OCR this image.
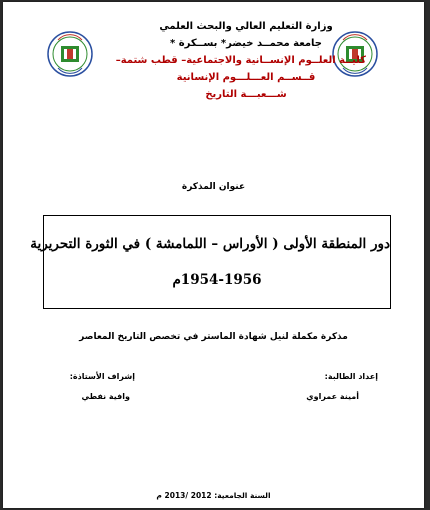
وزارة التعليم العالي والبحث العلمي
جامعة محمــد خيضر* بســكرة *
كليــة العلــوم الإنســانية والاجتماعية– قطب شتمة–
قــســم العـــلـــوم الإنسانية
شـــعبـــة التاريخ
عنوان المذكرة
دور المنطقة الأولى ( الأوراس – اللمامشة ) في الثورة التحريرية
1954-1956م
مذكرة مكملة لنيل شهادة الماستر في تخصص التاريخ المعاصر
إعداد الطالبة:
أمينة عمراوي
إشراف الأستاذة:
وافية نفطي
السنة الجامعية: 2012 /2013 م
